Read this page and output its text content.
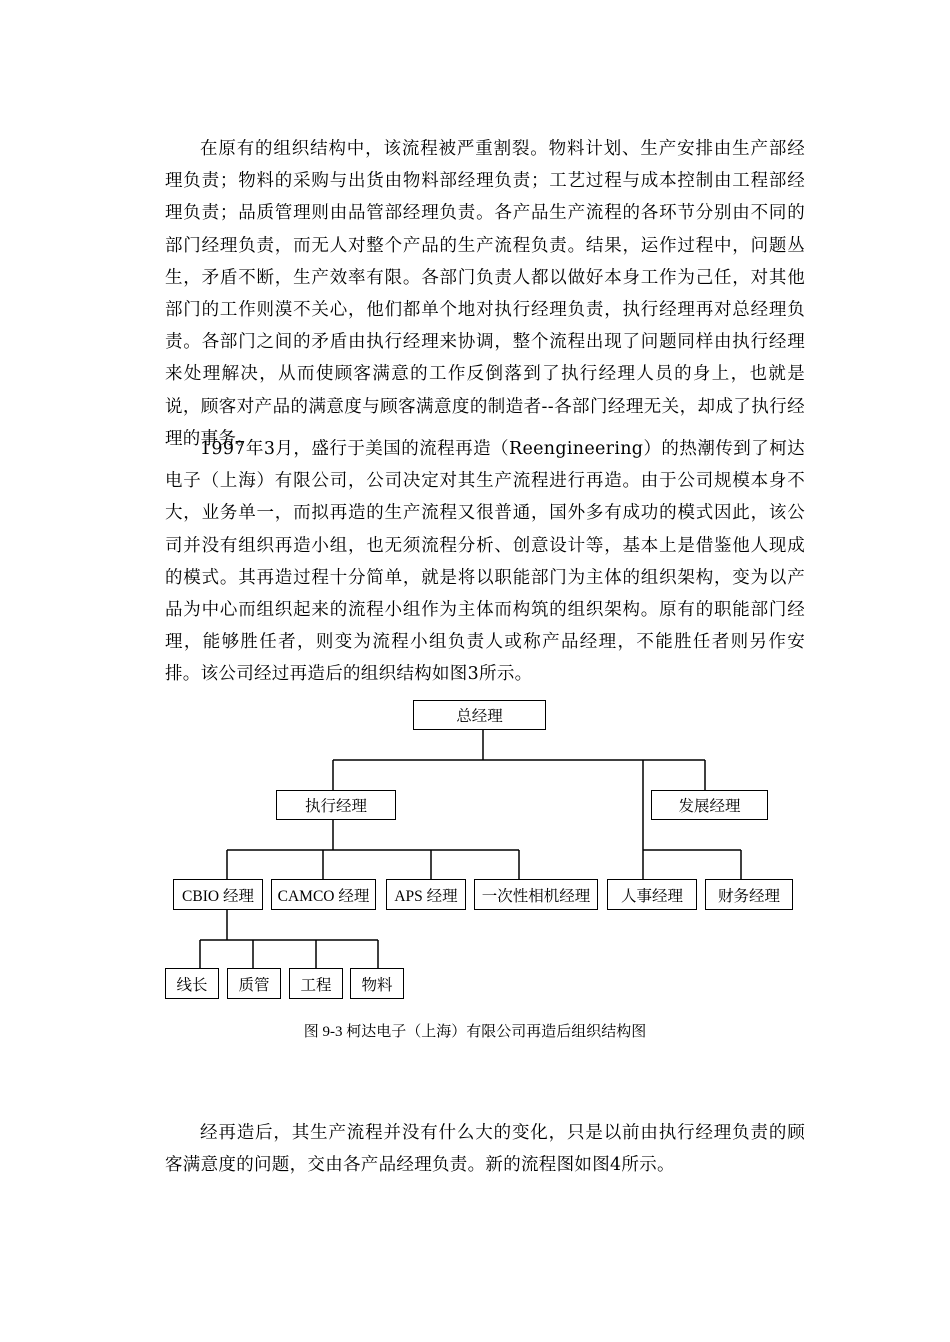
在原有的组织结构中，该流程被严重割裂。物料计划、生产安排由生产部经理负责；物料的采购与出货由物料部经理负责；工艺过程与成本控制由工程部经理负责；品质管理则由品管部经理负责。各产品生产流程的各环节分别由不同的部门经理负责，而无人对整个产品的生产流程负责。结果，运作过程中，问题丛生，矛盾不断，生产效率有限。各部门负责人都以做好本身工作为己任，对其他部门的工作则漠不关心，他们都单个地对执行经理负责，执行经理再对总经理负责。各部门之间的矛盾由执行经理来协调，整个流程出现了问题同样由执行经理来处理解决，从而使顾客满意的工作反倒落到了执行经理人员的身上，也就是说，顾客对产品的满意度与顾客满意度的制造者--各部门经理无关，却成了执行经理的事务。

1997年3月，盛行于美国的流程再造（Reengineering）的热潮传到了柯达电子（上海）有限公司，公司决定对其生产流程进行再造。由于公司规模本身不大，业务单一，而拟再造的生产流程又很普通，国外多有成功的模式因此，该公司并没有组织再造小组，也无须流程分析、创意设计等，基本上是借鉴他人现成的模式。其再造过程十分简单，就是将以职能部门为主体的组织架构，变为以产品为中心而组织起来的流程小组作为主体而构筑的组织架构。原有的职能部门经理，能够胜任者，则变为流程小组负责人或称产品经理，不能胜任者则另作安排。该公司经过再造后的组织结构如图3所示。

总经理
执行经理	发展经理
CBIO 经理	CAMCO 经理	APS 经理	一次性相机经理	人事经理	财务经理
线长	质管	工程	物料
图 9-3 柯达电子（上海）有限公司再造后组织结构图

经再造后，其生产流程并没有什么大的变化，只是以前由执行经理负责的顾客满意度的问题，交由各产品经理负责。新的流程图如图4所示。
